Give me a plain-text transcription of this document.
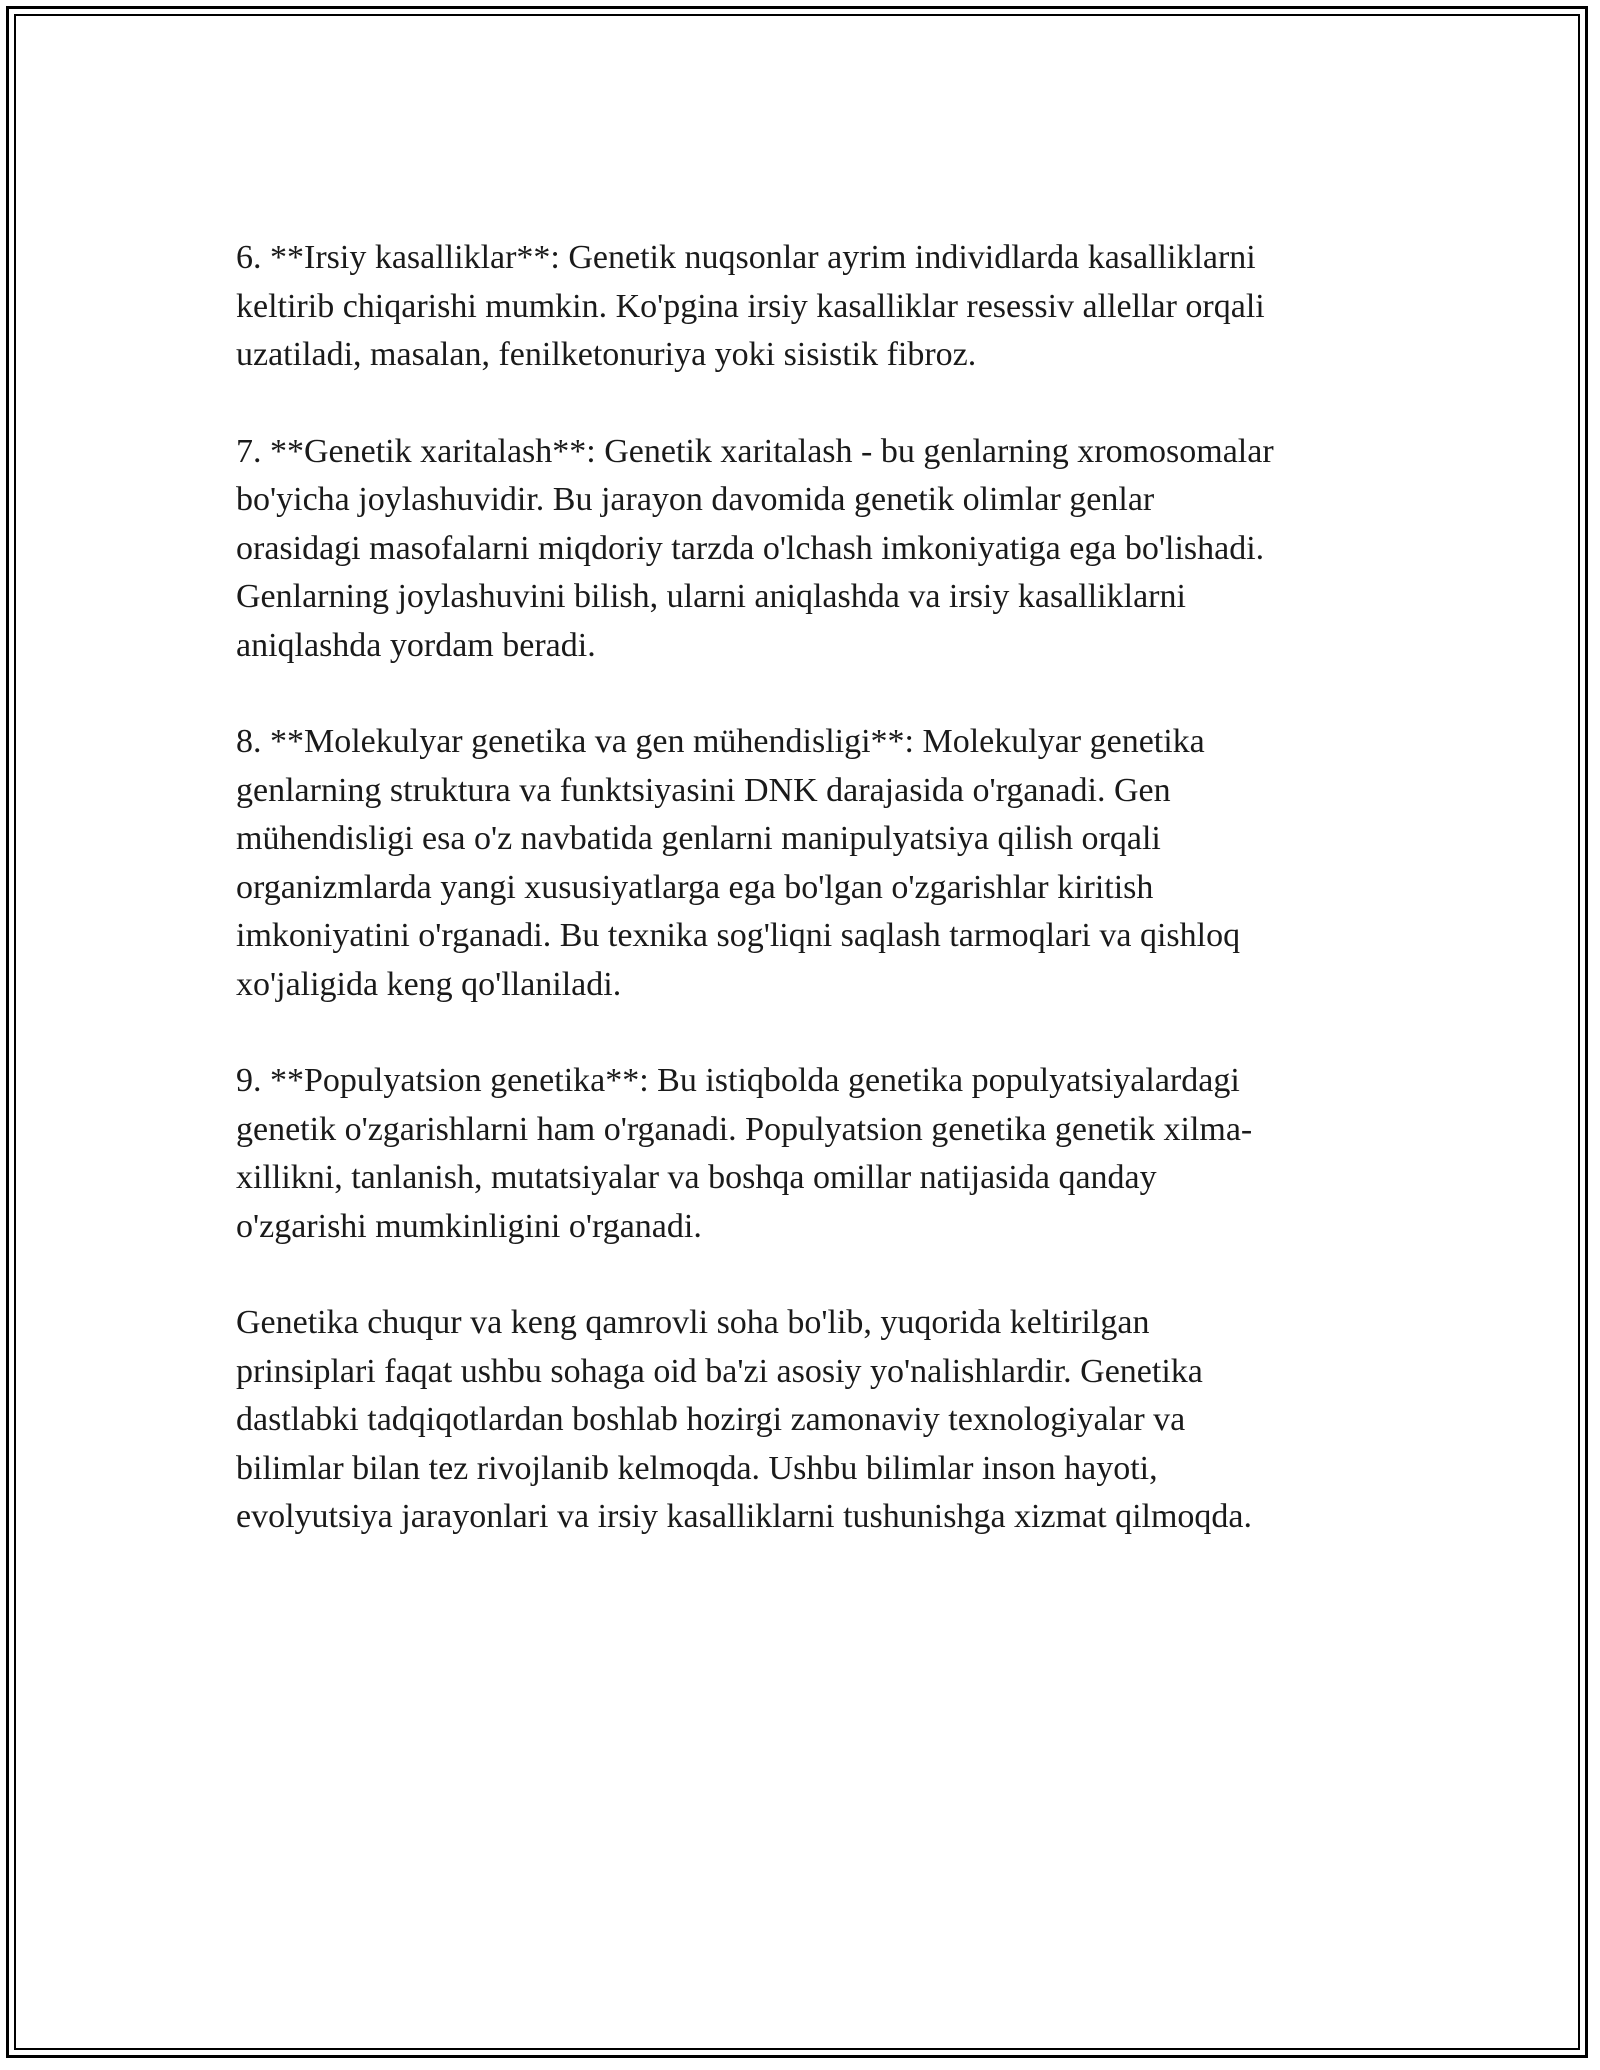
6. **Irsiy kasalliklar**: Genetik nuqsonlar ayrim individlarda kasalliklarni
keltirib chiqarishi mumkin. Ko'pgina irsiy kasalliklar resessiv allellar orqali
uzatiladi, masalan, fenilketonuriya yoki sisistik fibroz.

7. **Genetik xaritalash**: Genetik xaritalash - bu genlarning xromosomalar
bo'yicha joylashuvidir. Bu jarayon davomida genetik olimlar genlar
orasidagi masofalarni miqdoriy tarzda o'lchash imkoniyatiga ega bo'lishadi.
Genlarning joylashuvini bilish, ularni aniqlashda va irsiy kasalliklarni
aniqlashda yordam beradi.

8. **Molekulyar genetika va gen mühendisligi**: Molekulyar genetika
genlarning struktura va funktsiyasini DNK darajasida o'rganadi. Gen
mühendisligi esa o'z navbatida genlarni manipulyatsiya qilish orqali
organizmlarda yangi xususiyatlarga ega bo'lgan o'zgarishlar kiritish
imkoniyatini o'rganadi. Bu texnika sog'liqni saqlash tarmoqlari va qishloq
xo'jaligida keng qo'llaniladi.

9. **Populyatsion genetika**: Bu istiqbolda genetika populyatsiyalardagi
genetik o'zgarishlarni ham o'rganadi. Populyatsion genetika genetik xilma-
xillikni, tanlanish, mutatsiyalar va boshqa omillar natijasida qanday
o'zgarishi mumkinligini o'rganadi.

Genetika chuqur va keng qamrovli soha bo'lib, yuqorida keltirilgan
prinsiplari faqat ushbu sohaga oid ba'zi asosiy yo'nalishlardir. Genetika
dastlabki tadqiqotlardan boshlab hozirgi zamonaviy texnologiyalar va
bilimlar bilan tez rivojlanib kelmoqda. Ushbu bilimlar inson hayoti,
evolyutsiya jarayonlari va irsiy kasalliklarni tushunishga xizmat qilmoqda.
